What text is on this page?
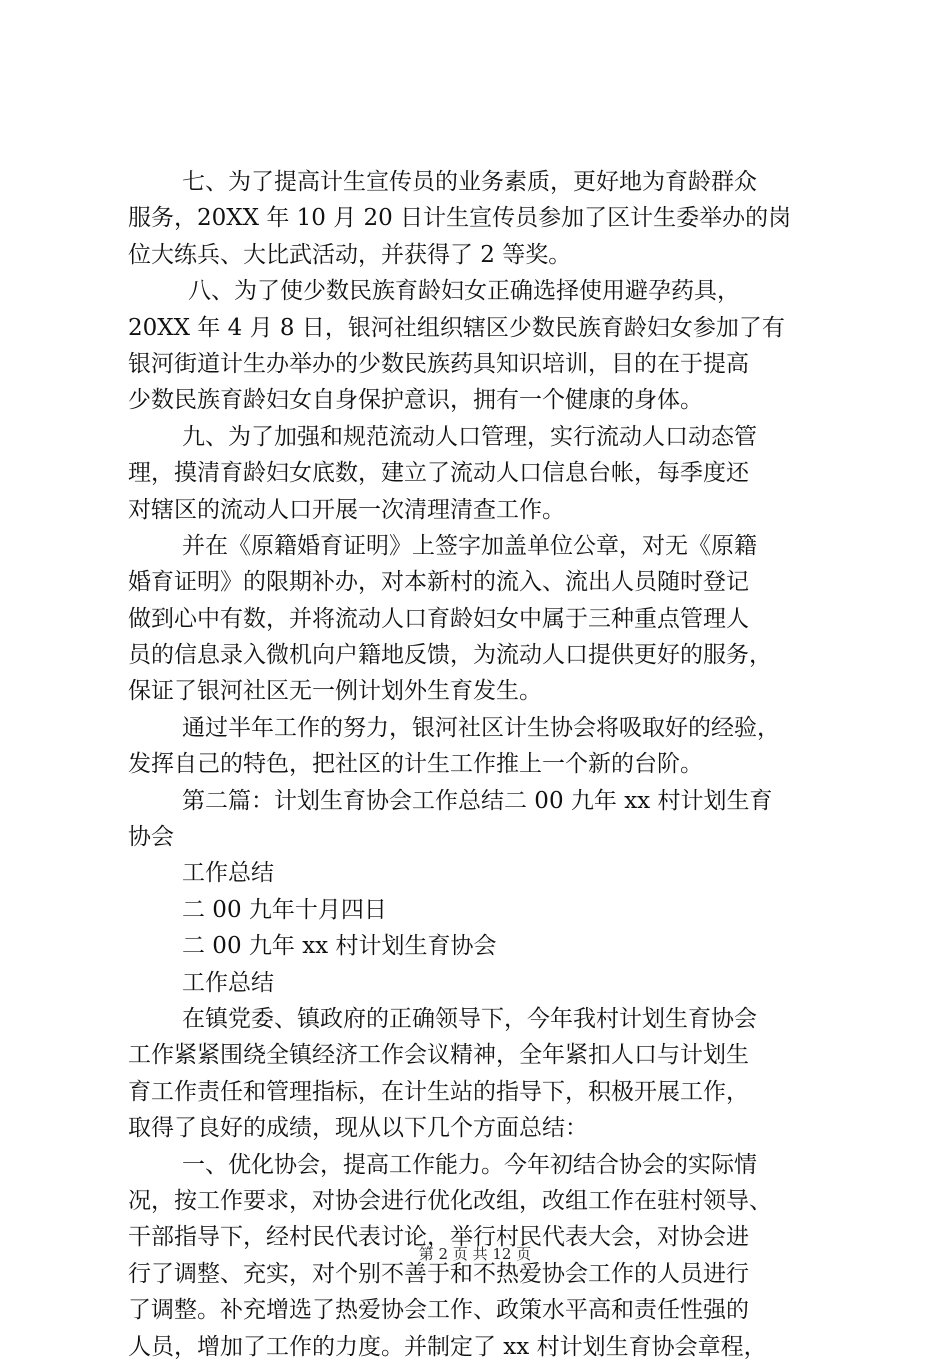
七、为了提高计生宣传员的业务素质，更好地为育龄群众
服务，20XX 年 10 月 20 日计生宣传员参加了区计生委举办的岗
位大练兵、大比武活动，并获得了 2 等奖。
八、为了使少数民族育龄妇女正确选择使用避孕药具，
20XX 年 4 月 8 日，银河社组织辖区少数民族育龄妇女参加了有
银河街道计生办举办的少数民族药具知识培训，目的在于提高
少数民族育龄妇女自身保护意识，拥有一个健康的身体。
九、为了加强和规范流动人口管理，实行流动人口动态管
理，摸清育龄妇女底数，建立了流动人口信息台帐，每季度还
对辖区的流动人口开展一次清理清查工作。
并在《原籍婚育证明》上签字加盖单位公章，对无《原籍
婚育证明》的限期补办，对本新村的流入、流出人员随时登记
做到心中有数，并将流动人口育龄妇女中属于三种重点管理人
员的信息录入微机向户籍地反馈，为流动人口提供更好的服务，
保证了银河社区无一例计划外生育发生。
通过半年工作的努力，银河社区计生协会将吸取好的经验，
发挥自己的特色，把社区的计生工作推上一个新的台阶。
第二篇：计划生育协会工作总结二 00 九年 xx 村计划生育
协会
工作总结
二 00 九年十月四日
二 00 九年 xx 村计划生育协会
工作总结
在镇党委、镇政府的正确领导下，今年我村计划生育协会
工作紧紧围绕全镇经济工作会议精神，全年紧扣人口与计划生
育工作责任和管理指标，在计生站的指导下，积极开展工作，
取得了良好的成绩，现从以下几个方面总结：
一、优化协会，提高工作能力。今年初结合协会的实际情
况，按工作要求，对协会进行优化改组，改组工作在驻村领导、
干部指导下，经村民代表讨论，举行村民代表大会，对协会进
行了调整、充实，对个别不善于和不热爱协会工作的人员进行
了调整。补充增选了热爱协会工作、政策水平高和责任性强的
人员，增加了工作的力度。并制定了 xx 村计划生育协会章程，
第 2 页 共 12 页
